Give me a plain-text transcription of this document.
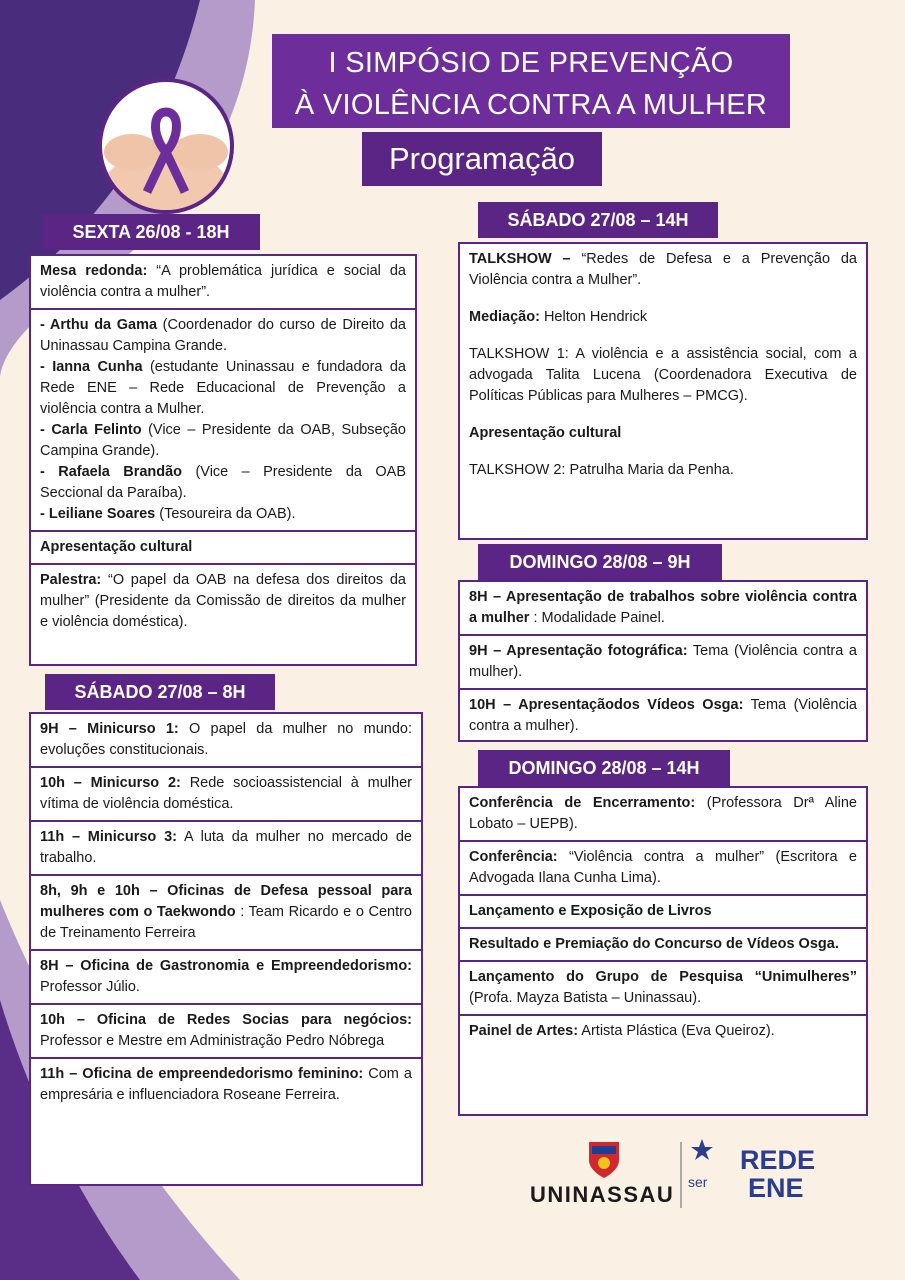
I SIMPÓSIO DE PREVENÇÃO
À VIOLÊNCIA CONTRA A MULHER
Programação
SEXTA 26/08 - 18H
Mesa redonda: “A problemática jurídica e social da violência contra a mulher”.
- Arthu da Gama (Coordenador do curso de Direito da Uninassau Campina Grande.
- Ianna Cunha (estudante Uninassau e fundadora da Rede ENE – Rede Educacional de Prevenção a violência contra a Mulher.
- Carla Felinto (Vice – Presidente da OAB, Subseção Campina Grande).
- Rafaela Brandão (Vice – Presidente da OAB Seccional da Paraíba).
- Leiliane Soares (Tesoureira da OAB).
Apresentação cultural
Palestra: “O papel da OAB na defesa dos direitos da mulher” (Presidente da Comissão de direitos da mulher e violência doméstica).
SÁBADO 27/08 – 8H
9H – Minicurso 1: O papel da mulher no mundo: evoluções constitucionais.
10h – Minicurso 2: Rede socioassistencial à mulher vítima de violência doméstica.
11h – Minicurso 3: A luta da mulher no mercado de trabalho.
8h, 9h e 10h – Oficinas de Defesa pessoal para mulheres com o Taekwondo : Team Ricardo e o Centro de Treinamento Ferreira
8H – Oficina de Gastronomia e Empreendedorismo: Professor Júlio.
10h – Oficina de Redes Socias para negócios: Professor e Mestre em Administração Pedro Nóbrega
11h – Oficina de empreendedorismo feminino: Com a empresária e influenciadora Roseane Ferreira.
SÁBADO 27/08 – 14H
TALKSHOW – “Redes de Defesa e a Prevenção da Violência contra a Mulher”.
Mediação: Helton Hendrick
TALKSHOW 1: A violência e a assistência social, com a advogada Talita Lucena (Coordenadora Executiva de Políticas Públicas para Mulheres – PMCG).
Apresentação cultural
TALKSHOW 2: Patrulha Maria da Penha.
DOMINGO 28/08 – 9H
8H – Apresentação de trabalhos sobre violência contra a mulher : Modalidade Painel.
9H – Apresentação fotográfica: Tema (Violência contra a mulher).
10H – Apresentaçãodos Vídeos Osga: Tema (Violência contra a mulher).
DOMINGO 28/08 – 14H
Conferência de Encerramento: (Professora Drª Aline Lobato – UEPB).
Conferência: “Violência contra a mulher” (Escritora e Advogada Ilana Cunha Lima).
Lançamento e Exposição de Livros
Resultado e Premiação do Concurso de Vídeos Osga.
Lançamento do Grupo de Pesquisa “Unimulheres” (Profa. Mayza Batista – Uninassau).
Painel de Artes: Artista Plástica (Eva Queiroz).
UNINASSAU ser
REDE
ENE
